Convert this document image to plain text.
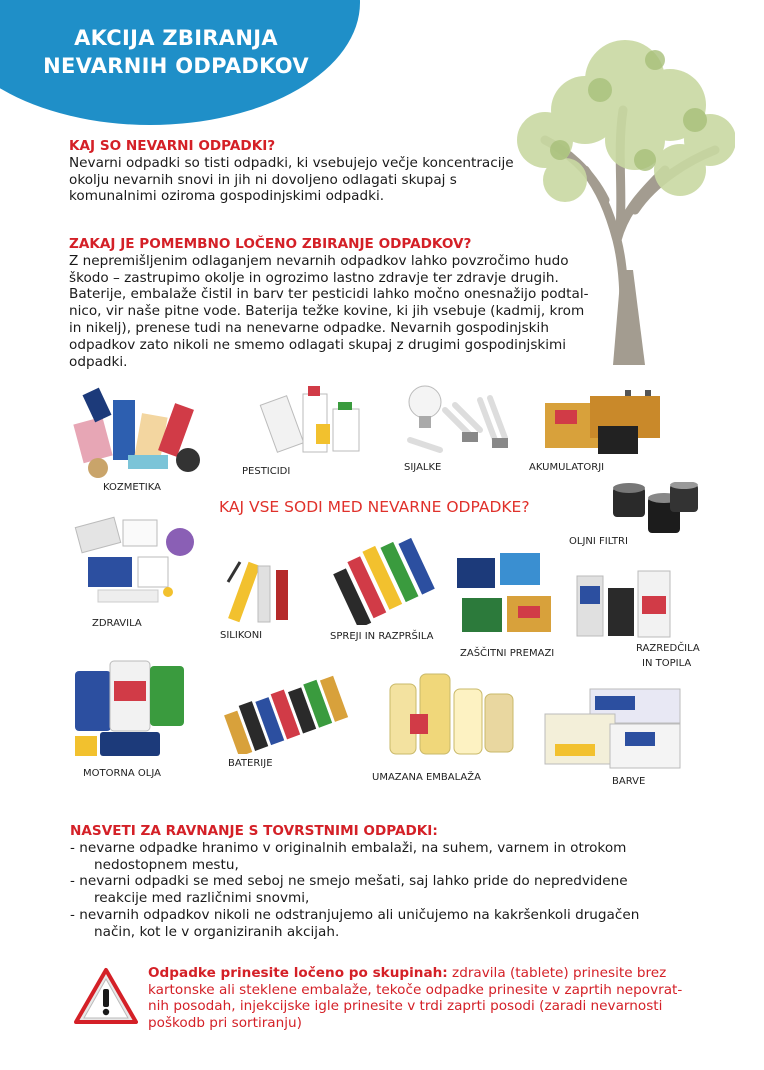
AKCIJA ZBIRANJA
NEVARNIH ODPADKOV
KAJ SO NEVARNI ODPADKI?

Nevarni odpadki so tisti odpadki, ki vsebujejo večje koncentracije

okolju nevarnih snovi in jih ni dovoljeno odlagati skupaj s

komunalnimi oziroma gospodinjskimi odpadki.

ZAKAJ JE POMEMBNO LOČENO ZBIRANJE ODPADKOV?

Z nepremišljenim odlaganjem nevarnih odpadkov lahko povzročimo hudo

škodo – zastrupimo okolje in ogrozimo lastno zdravje ter zdravje drugih.

Baterije, embalaže čistil in barv ter pesticidi lahko močno onesnažijo podtal-

nico, vir naše pitne vode. Baterija težke kovine, ki jih vsebuje (kadmij, krom

in nikelj), prenese tudi na nenevarne odpadke. Nevarnih gospodinjskih

odpadkov zato nikoli ne smemo odlagati skupaj z drugimi gospodinjskimi

odpadki.

KOZMETIKA
PESTICIDI	SIJALKE	AKUMULATORJI
KAJ VSE SODI MED NEVARNE ODPADKE?
OLJNI FILTRI
ZDRAVILA
SILIKONI	SPREJI IN RAZPRŠILA
ZAŠČITNI PREMAZI	RAZREDČILA
IN TOPILA
MOTORNA OLJA
BATERIJE
UMAZANA EMBALAŽA	BARVE
NASVETI ZA RAVNANJE S TOVRSTNIMI ODPADKI:
- nevarne odpadke hranimo v originalnih embalaži, na suhem, varnem in otrokom
nedostopnem mestu,
- nevarni odpadki se med seboj ne smejo mešati, saj lahko pride do nepredvidene
reakcije med različnimi snovmi,
- nevarnih odpadkov nikoli ne odstranjujemo ali uničujemo na kakršenkoli drugačen
način, kot le v organiziranih akcijah.
Odpadke prinesite ločeno po skupinah: zdravila (tablete) prinesite brez
kartonske ali steklene embalaže, tekoče odpadke prinesite v zaprtih nepovrat-
nih posodah, injekcijske igle prinesite v trdi zaprti posodi (zaradi nevarnosti
poškodb pri sortiranju)
